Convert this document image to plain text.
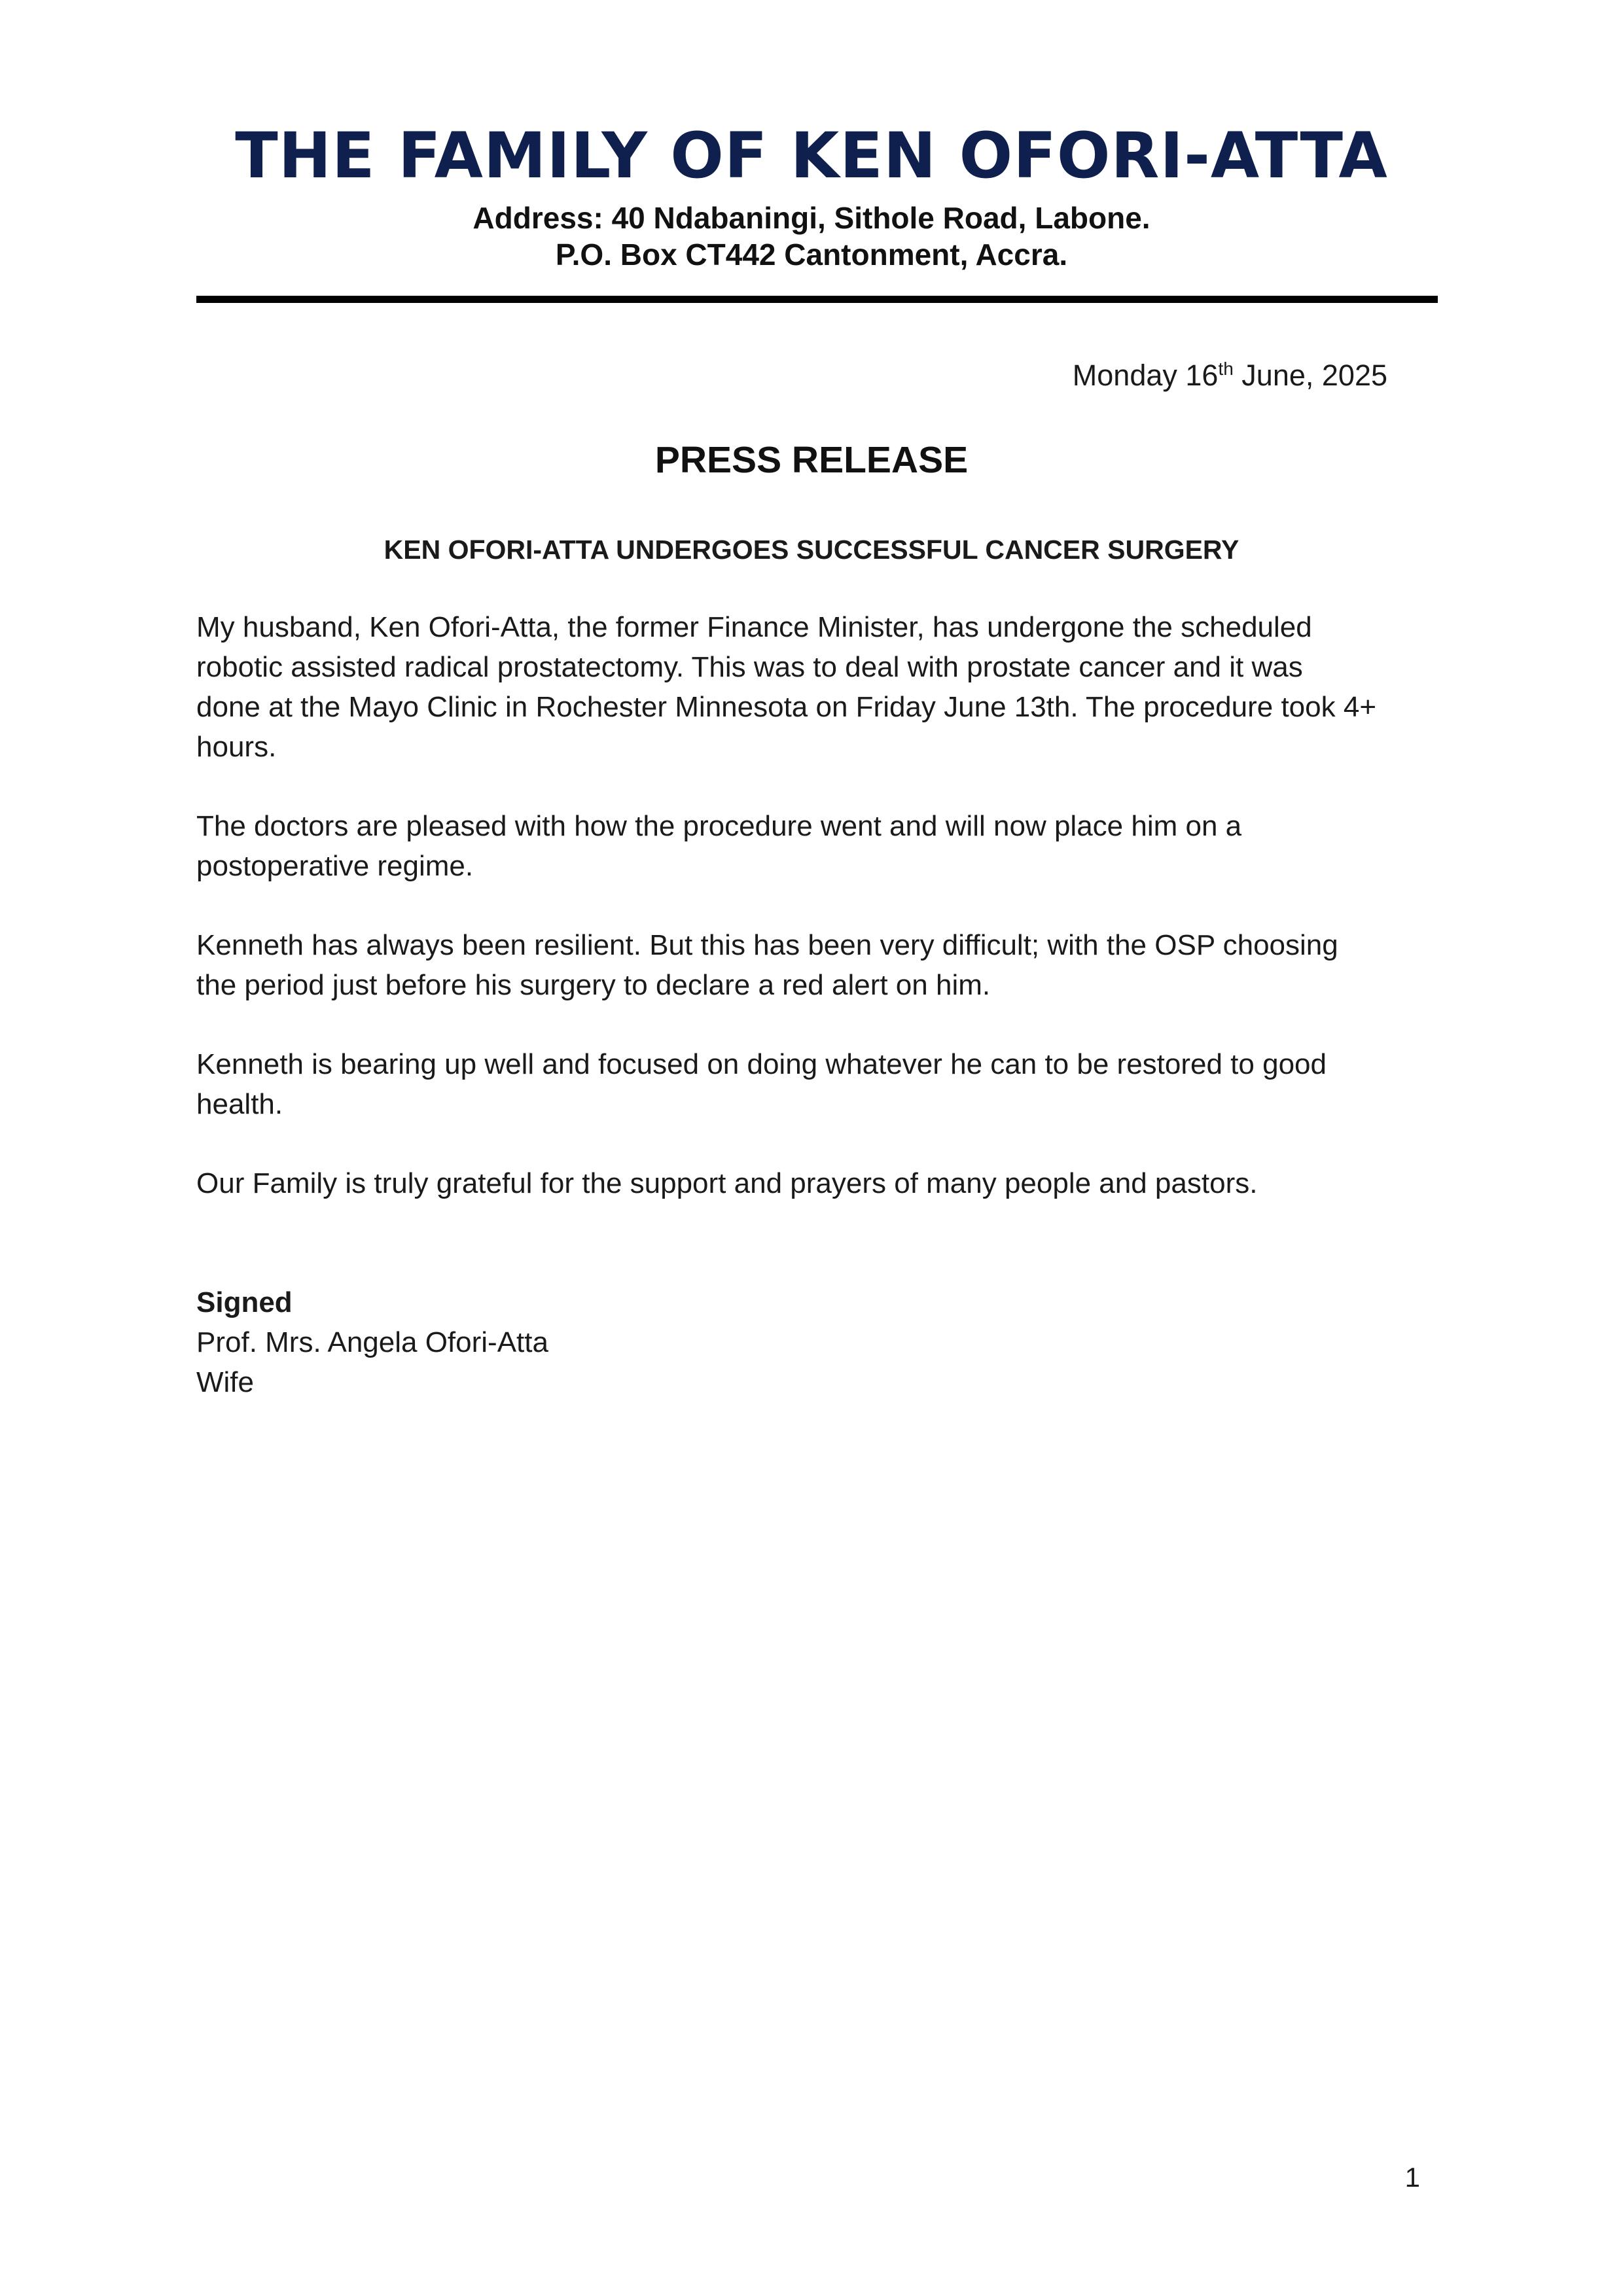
THE FAMILY OF KEN OFORI-ATTA
Address: 40 Ndabaningi, Sithole Road, Labone.
P.O. Box CT442 Cantonment, Accra.
Monday 16th June, 2025
PRESS RELEASE
KEN OFORI-ATTA UNDERGOES SUCCESSFUL CANCER SURGERY
My husband, Ken Ofori-Atta, the former Finance Minister, has undergone the scheduled
robotic assisted radical prostatectomy. This was to deal with prostate cancer and it was
done at the Mayo Clinic in Rochester Minnesota on Friday June 13th. The procedure took 4+
hours.
The doctors are pleased with how the procedure went and will now place him on a
postoperative regime.
Kenneth has always been resilient. But this has been very difficult; with the OSP choosing
the period just before his surgery to declare a red alert on him.
Kenneth is bearing up well and focused on doing whatever he can to be restored to good
health.
Our Family is truly grateful for the support and prayers of many people and pastors.
Signed
Prof. Mrs. Angela Ofori-Atta
Wife
1
